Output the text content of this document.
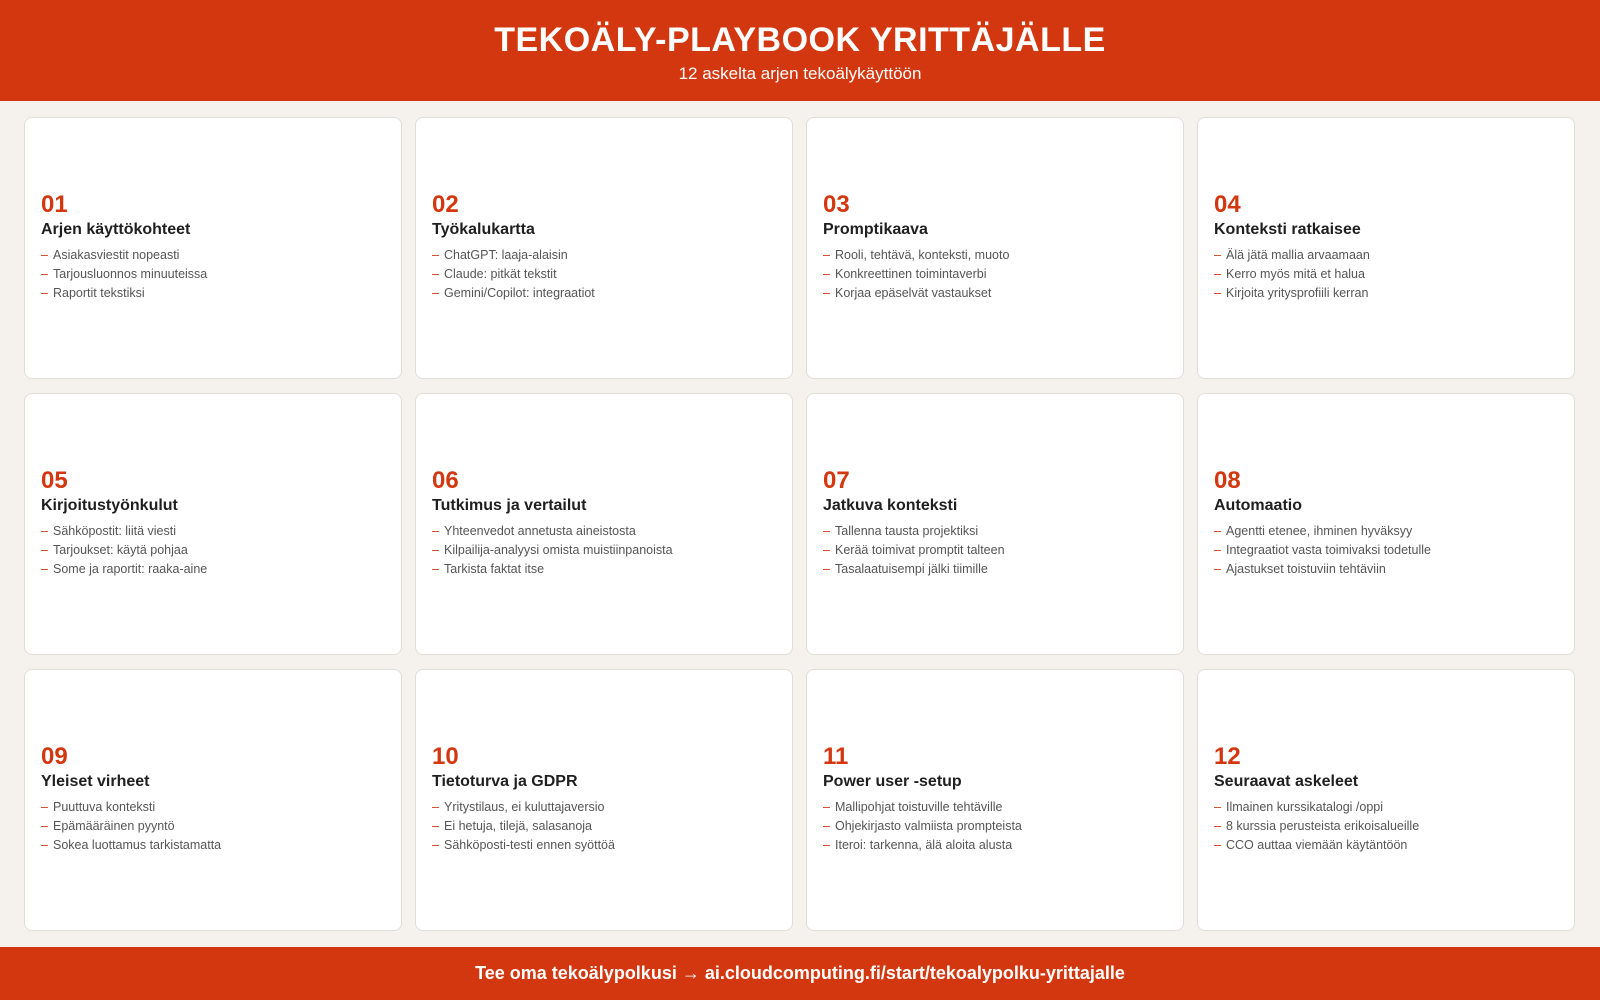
TEKOÄLY-PLAYBOOK YRITTÄJÄLLE

12 askelta arjen tekoälykäyttöön

01
Arjen käyttökohteet
– Asiakasviestit nopeasti
– Tarjousluonnos minuuteissa
– Raportit tekstiksi
02
Työkalukartta
– ChatGPT: laaja-alaisin
– Claude: pitkät tekstit
– Gemini/Copilot: integraatiot
03
Promptikaava
– Rooli, tehtävä, konteksti, muoto
– Konkreettinen toimintaverbi
– Korjaa epäselvät vastaukset
04
Konteksti ratkaisee
– Älä jätä mallia arvaamaan
– Kerro myös mitä et halua
– Kirjoita yritysprofiili kerran
05
Kirjoitustyönkulut
– Sähköpostit: liitä viesti
– Tarjoukset: käytä pohjaa
– Some ja raportit: raaka-aine
06
Tutkimus ja vertailut
– Yhteenvedot annetusta aineistosta
– Kilpailija-analyysi omista muistiinpanoista
– Tarkista faktat itse
07
Jatkuva konteksti
– Tallenna tausta projektiksi
– Kerää toimivat promptit talteen
– Tasalaatuisempi jälki tiimille
08
Automaatio
– Agentti etenee, ihminen hyväksyy
– Integraatiot vasta toimivaksi todetulle
– Ajastukset toistuviin tehtäviin
09
Yleiset virheet
– Puuttuva konteksti
– Epämääräinen pyyntö
– Sokea luottamus tarkistamatta
10
Tietoturva ja GDPR
– Yritystilaus, ei kuluttajaversio
– Ei hetuja, tilejä, salasanoja
– Sähköposti-testi ennen syöttöä
11
Power user -setup
– Mallipohjat toistuville tehtäville
– Ohjekirjasto valmiista prompteista
– Iteroi: tarkenna, älä aloita alusta
12
Seuraavat askeleet
– Ilmainen kurssikatalogi /oppi
– 8 kurssia perusteista erikoisalueille
– CCO auttaa viemään käytäntöön
Tee oma tekoälypolkusi → ai.cloudcomputing.fi/start/tekoalypolku-yrittajalle
